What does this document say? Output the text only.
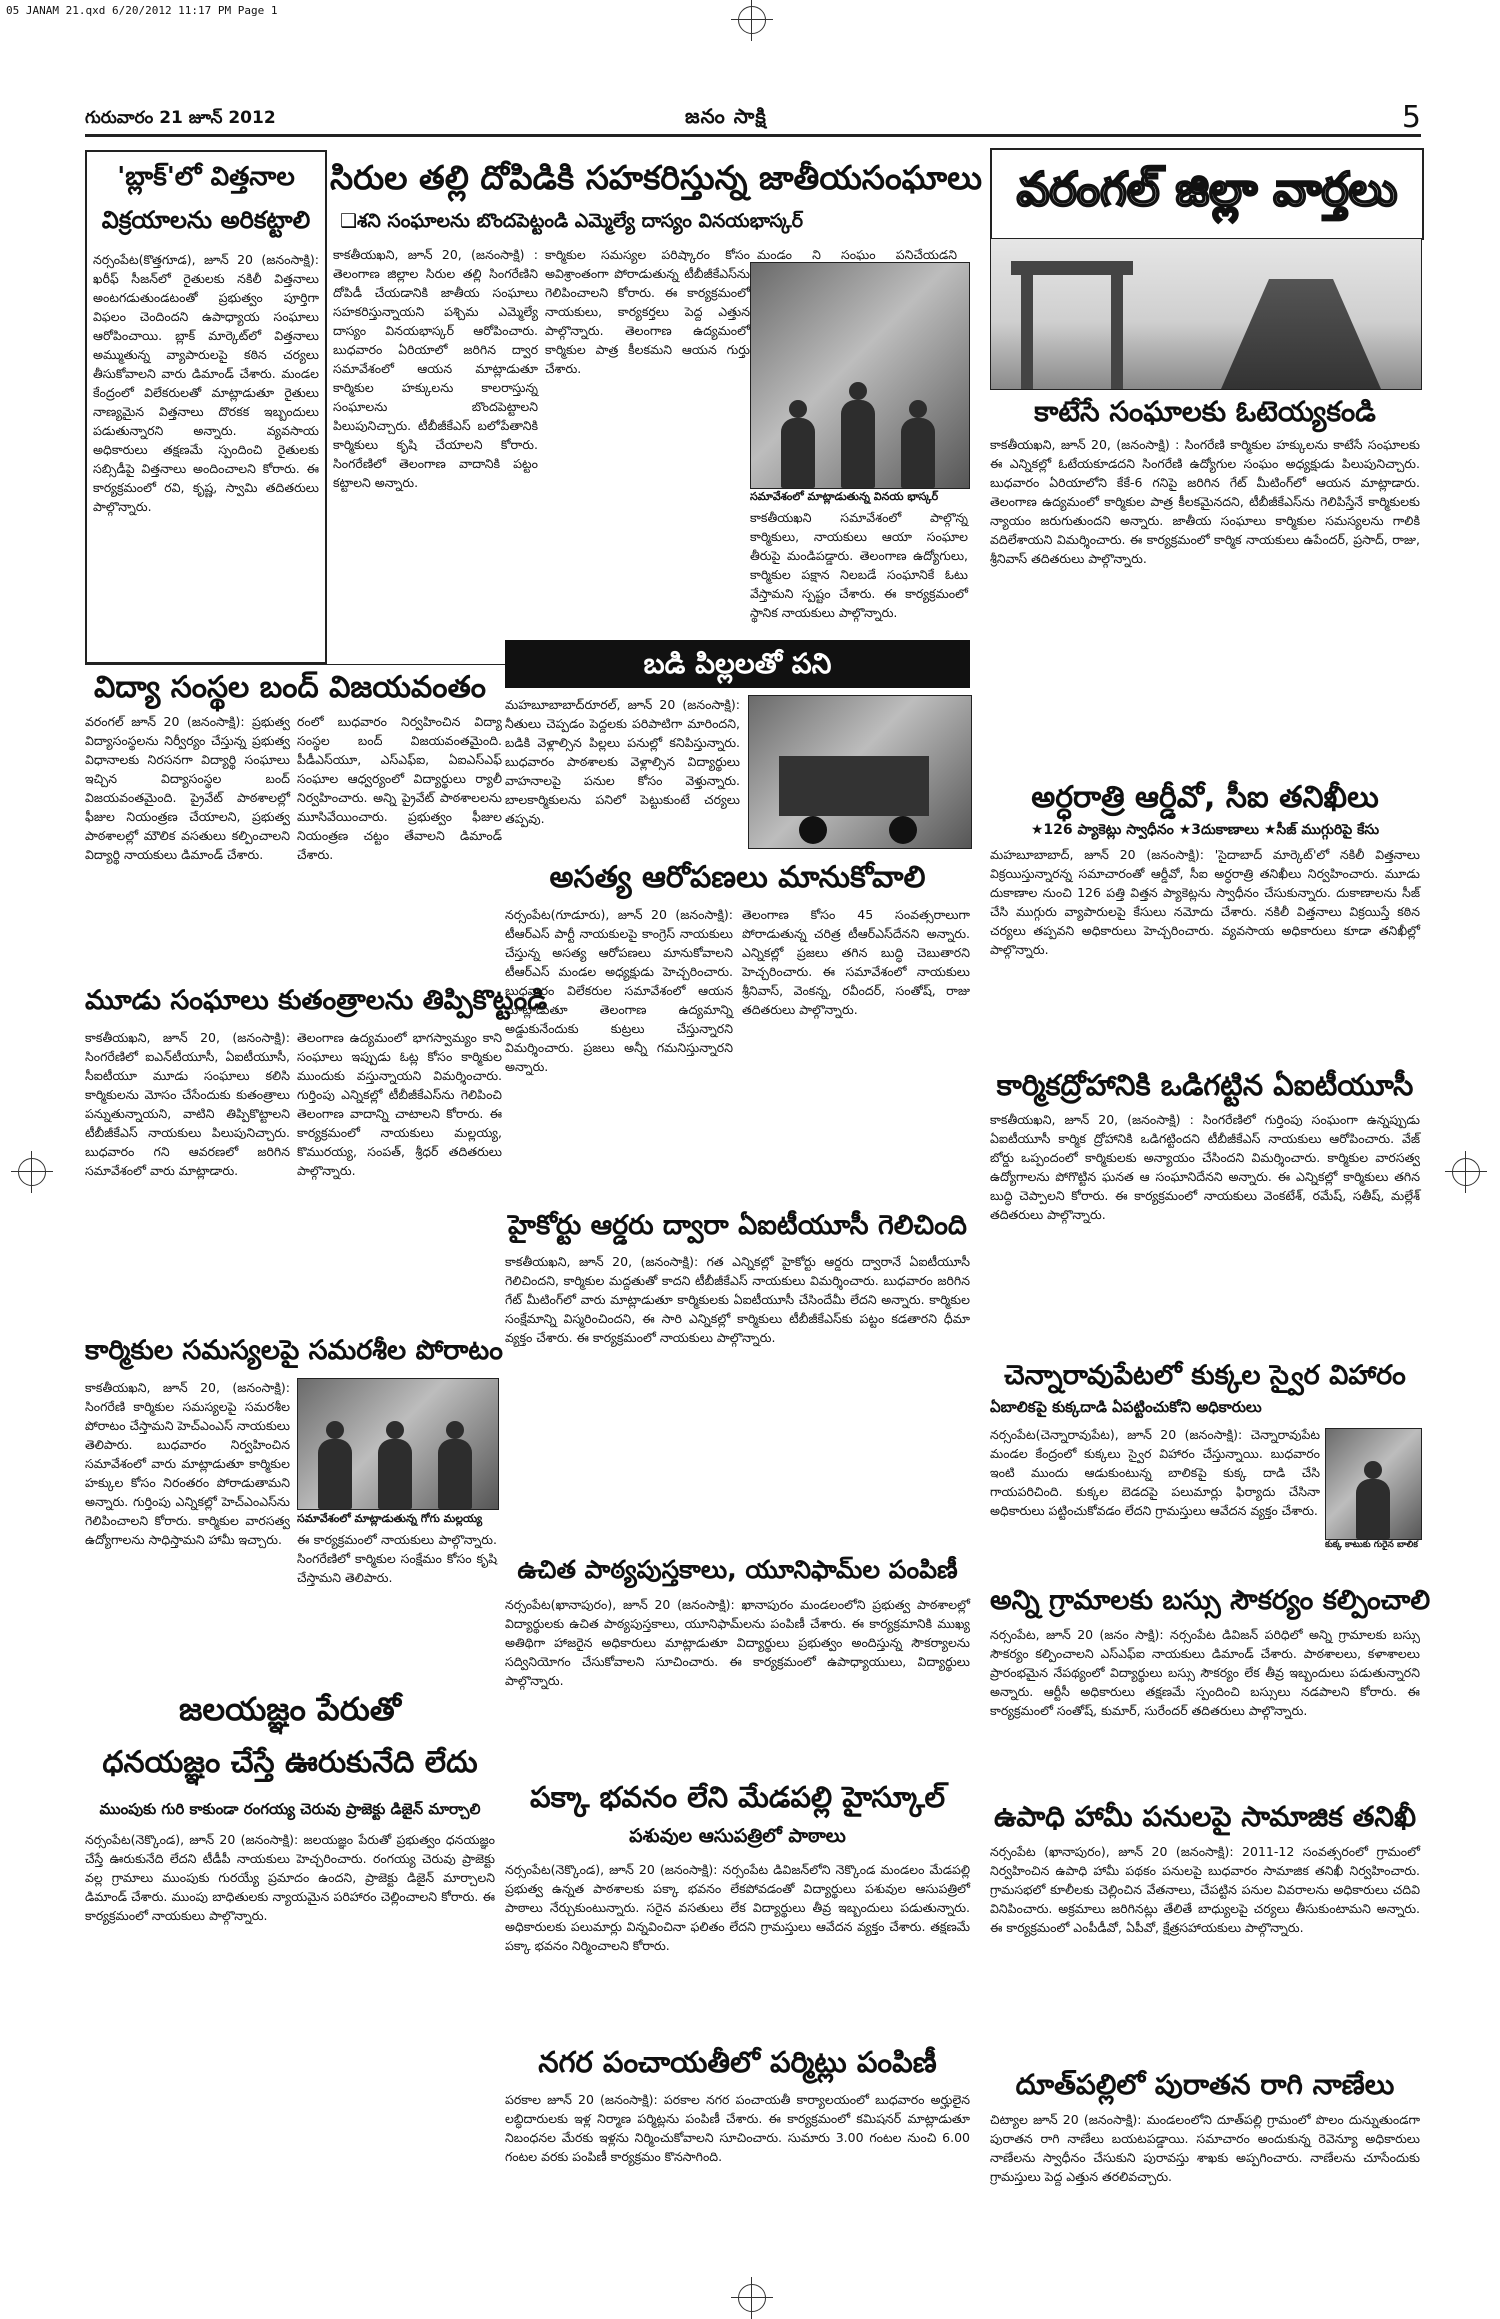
05 JANAM 21.qxd 6/20/2012 11:17 PM Page 1
గురువారం 21 జూన్ 2012	జనం సాక్షి	5
'బ్లాక్'లో విత్తనాల
విక్రయాలను అరికట్టాలి
నర్సంపేట(కొత్తగూడ), జూన్ 20 (జనంసాక్షి): ఖరీఫ్ సీజన్‌లో రైతులకు నకిలీ విత్తనాలు అంటగడుతుండటంతో ప్రభుత్వం పూర్తిగా విఫలం చెందిందని ఉపాధ్యాయ సంఘాలు ఆరోపించాయి. బ్లాక్ మార్కెట్‌లో విత్తనాలు అమ్ముతున్న వ్యాపారులపై కఠిన చర్యలు తీసుకోవాలని వారు డిమాండ్ చేశారు. మండల కేంద్రంలో విలేకరులతో మాట్లాడుతూ రైతులు నాణ్యమైన విత్తనాలు దొరకక ఇబ్బందులు పడుతున్నారని అన్నారు. వ్యవసాయ అధికారులు తక్షణమే స్పందించి రైతులకు సబ్సిడీపై విత్తనాలు అందించాలని కోరారు. ఈ కార్యక్రమంలో రవి, కృష్ణ, స్వామి తదితరులు పాల్గొన్నారు.
సిరుల తల్లి దోపిడికి సహకరిస్తున్న జాతీయసంఘాలు
❑శని సంఘాలను బొందపెట్టండి ఎమ్మెల్యే దాస్యం వినయభాస్కర్
కాకతీయఖని, జూన్ 20, (జనంసాక్షి) : తెలంగాణ జిల్లాల సిరుల తల్లి సింగరేణిని దోపిడీ చేయడానికి జాతీయ సంఘాలు సహకరిస్తున్నాయని పశ్చిమ ఎమ్మెల్యే దాస్యం వినయభాస్కర్ ఆరోపించారు. బుధవారం ఏరియాలో జరిగిన ద్వార సమావేశంలో ఆయన మాట్లాడుతూ కార్మికుల హక్కులను కాలరాస్తున్న సంఘాలను బొందపెట్టాలని పిలుపునిచ్చారు. టీబీజీకేఎస్ బలోపేతానికి కార్మికులు కృషి చేయాలని కోరారు. సింగరేణిలో తెలంగాణ వాదానికి పట్టం కట్టాలని అన్నారు.
కార్మికుల సమస్యల పరిష్కారం కోసం అవిశ్రాంతంగా పోరాడుతున్న టీబీజీకేఎస్‌ను గెలిపించాలని కోరారు. ఈ కార్యక్రమంలో నాయకులు, కార్యకర్తలు పెద్ద ఎత్తున పాల్గొన్నారు. తెలంగాణ ఉద్యమంలో కార్మికుల పాత్ర కీలకమని ఆయన గుర్తు చేశారు.
మండం ని సంఘం పనిచేయడని
సమావేశంలో మాట్లాడుతున్న వినయ భాస్కర్
కాకతీయఖని సమావేశంలో పాల్గొన్న కార్మికులు, నాయకులు ఆయా సంఘాల తీరుపై మండిపడ్డారు. తెలంగాణ ఉద్యోగులు, కార్మికుల పక్షాన నిలబడే సంఘానికే ఓటు వేస్తామని స్పష్టం చేశారు. ఈ కార్యక్రమంలో స్థానిక నాయకులు పాల్గొన్నారు.
వరంగల్ జిల్లా వార్తలు
కాటేసే సంఘాలకు ఓటెయ్యకండి
కాకతీయఖని, జూన్ 20, (జనంసాక్షి) : సింగరేణి కార్మికుల హక్కులను కాటేసే సంఘాలకు ఈ ఎన్నికల్లో ఓటేయకూడదని సింగరేణి ఉద్యోగుల సంఘం అధ్యక్షుడు పిలుపునిచ్చారు. బుధవారం ఏరియాలోని కేకే-6 గనిపై జరిగిన గేట్ మీటింగ్‌లో ఆయన మాట్లాడారు. తెలంగాణ ఉద్యమంలో కార్మికుల పాత్ర కీలకమైనదని, టీబీజీకేఎస్‌ను గెలిపిస్తేనే కార్మికులకు న్యాయం జరుగుతుందని అన్నారు. జాతీయ సంఘాలు కార్మికుల సమస్యలను గాలికి వదిలేశాయని విమర్శించారు. ఈ కార్యక్రమంలో కార్మిక నాయకులు ఉపేందర్, ప్రసాద్, రాజు, శ్రీనివాస్ తదితరులు పాల్గొన్నారు.
అర్ధరాత్రి ఆర్డీవో, సీఐ తనిఖీలు
★126 ప్యాకెట్లు స్వాధీనం ★3దుకాణాలు ★సీజ్ ముగ్గురిపై కేసు
మహబూబాబాద్, జూన్ 20 (జనంసాక్షి): 'సైదాబాద్ మార్కెట్'లో నకిలీ విత్తనాలు విక్రయిస్తున్నారన్న సమాచారంతో ఆర్డీవో, సీఐ అర్ధరాత్రి తనిఖీలు నిర్వహించారు. మూడు దుకాణాల నుంచి 126 పత్తి విత్తన ప్యాకెట్లను స్వాధీనం చేసుకున్నారు. దుకాణాలను సీజ్ చేసి ముగ్గురు వ్యాపారులపై కేసులు నమోదు చేశారు. నకిలీ విత్తనాలు విక్రయిస్తే కఠిన చర్యలు తప్పవని అధికారులు హెచ్చరించారు. వ్యవసాయ అధికారులు కూడా తనిఖీల్లో పాల్గొన్నారు.
కార్మికద్రోహానికి ఒడిగట్టిన ఏఐటీయూసీ
కాకతీయఖని, జూన్ 20, (జనంసాక్షి) : సింగరేణిలో గుర్తింపు సంఘంగా ఉన్నప్పుడు ఏఐటీయూసీ కార్మిక ద్రోహానికి ఒడిగట్టిందని టీబీజీకేఎస్ నాయకులు ఆరోపించారు. వేజ్ బోర్డు ఒప్పందంలో కార్మికులకు అన్యాయం చేసిందని విమర్శించారు. కార్మికుల వారసత్వ ఉద్యోగాలను పోగొట్టిన ఘనత ఆ సంఘానిదేనని అన్నారు. ఈ ఎన్నికల్లో కార్మికులు తగిన బుద్ధి చెప్పాలని కోరారు. ఈ కార్యక్రమంలో నాయకులు వెంకటేశ్, రమేష్, సతీష్, మల్లేశ్ తదితరులు పాల్గొన్నారు.
చెన్నారావుపేటలో కుక్కల స్వైర విహారం
ఏబాలికపై కుక్కదాడి ఏపట్టించుకోని అధికారులు
నర్సంపేట(చెన్నారావుపేట), జూన్ 20 (జనంసాక్షి): చెన్నారావుపేట మండల కేంద్రంలో కుక్కలు స్వైర విహారం చేస్తున్నాయి. బుధవారం ఇంటి ముందు ఆడుకుంటున్న బాలికపై కుక్క దాడి చేసి గాయపరిచింది. కుక్కల బెడదపై పలుమార్లు ఫిర్యాదు చేసినా అధికారులు పట్టించుకోవడం లేదని గ్రామస్తులు ఆవేదన వ్యక్తం చేశారు.
కుక్క కాటుకు గురైన బాలిక
అన్ని గ్రామాలకు బస్సు సౌకర్యం కల్పించాలి
నర్సంపేట, జూన్ 20 (జనం సాక్షి): నర్సంపేట డివిజన్ పరిధిలో అన్ని గ్రామాలకు బస్సు సౌకర్యం కల్పించాలని ఎస్ఎఫ్ఐ నాయకులు డిమాండ్ చేశారు. పాఠశాలలు, కళాశాలలు ప్రారంభమైన నేపథ్యంలో విద్యార్థులు బస్సు సౌకర్యం లేక తీవ్ర ఇబ్బందులు పడుతున్నారని అన్నారు. ఆర్టీసీ అధికారులు తక్షణమే స్పందించి బస్సులు నడపాలని కోరారు. ఈ కార్యక్రమంలో సంతోష్, కుమార్, సురేందర్ తదితరులు పాల్గొన్నారు.
ఉపాధి హామీ పనులపై సామాజిక తనిఖీ
నర్సంపేట (ఖానాపురం), జూన్ 20 (జనంసాక్షి): 2011-12 సంవత్సరంలో గ్రామంలో నిర్వహించిన ఉపాధి హామీ పథకం పనులపై బుధవారం సామాజిక తనిఖీ నిర్వహించారు. గ్రామసభలో కూలీలకు చెల్లించిన వేతనాలు, చేపట్టిన పనుల వివరాలను అధికారులు చదివి వినిపించారు. అక్రమాలు జరిగినట్లు తేలితే బాధ్యులపై చర్యలు తీసుకుంటామని అన్నారు. ఈ కార్యక్రమంలో ఎంపీడీవో, ఏపీవో, క్షేత్రసహాయకులు పాల్గొన్నారు.
దూత్‌పల్లిలో పురాతన రాగి నాణేలు
చిట్యాల జూన్ 20 (జనంసాక్షి): మండలంలోని దూత్‌పల్లి గ్రామంలో పొలం దున్నుతుండగా పురాతన రాగి నాణేలు బయటపడ్డాయి. సమాచారం అందుకున్న రెవెన్యూ అధికారులు నాణేలను స్వాధీనం చేసుకుని పురావస్తు శాఖకు అప్పగించారు. నాణేలను చూసేందుకు గ్రామస్తులు పెద్ద ఎత్తున తరలివచ్చారు.
విద్యా సంస్థల బంద్ విజయవంతం
వరంగల్ జూన్ 20 (జనంసాక్షి): ప్రభుత్వ విద్యాసంస్థలను నిర్వీర్యం చేస్తున్న ప్రభుత్వ విధానాలకు నిరసనగా విద్యార్థి సంఘాలు ఇచ్చిన విద్యాసంస్థల బంద్ విజయవంతమైంది. ప్రైవేట్ పాఠశాలల్లో ఫీజుల నియంత్రణ చేయాలని, ప్రభుత్వ పాఠశాలల్లో మౌలిక వసతులు కల్పించాలని విద్యార్థి నాయకులు డిమాండ్ చేశారు.
రంలో బుధవారం నిర్వహించిన విద్యా సంస్థల బంద్ విజయవంతమైంది. పీడీఎస్‌యూ, ఎస్ఎఫ్ఐ, ఏఐఎస్ఎఫ్ సంఘాల ఆధ్వర్యంలో విద్యార్థులు ర్యాలీ నిర్వహించారు. అన్ని ప్రైవేట్ పాఠశాలలను మూసివేయించారు. ప్రభుత్వం ఫీజుల నియంత్రణ చట్టం తేవాలని డిమాండ్ చేశారు.
బడి పిల్లలతో పని
మహబూబాబాద్‌రూరల్, జూన్ 20 (జనంసాక్షి): నీతులు చెప్పడం పెద్దలకు పరిపాటిగా మారిందని, బడికి వెళ్లాల్సిన పిల్లలు పనుల్లో కనిపిస్తున్నారు. బుధవారం పాఠశాలకు వెళ్లాల్సిన విద్యార్థులు వాహనాలపై పనుల కోసం వెళ్తున్నారు. బాలకార్మికులను పనిలో పెట్టుకుంటే చర్యలు తప్పవు.
అసత్య ఆరోపణలు మానుకోవాలి
నర్సంపేట(గూడూరు), జూన్ 20 (జనంసాక్షి): టీఆర్ఎస్ పార్టీ నాయకులపై కాంగ్రెస్ నాయకులు చేస్తున్న అసత్య ఆరోపణలు మానుకోవాలని టీఆర్ఎస్ మండల అధ్యక్షుడు హెచ్చరించారు. బుధవారం విలేకరుల సమావేశంలో ఆయన మాట్లాడుతూ తెలంగాణ ఉద్యమాన్ని అడ్డుకునేందుకు కుట్రలు చేస్తున్నారని విమర్శించారు. ప్రజలు అన్నీ గమనిస్తున్నారని అన్నారు.
తెలంగాణ కోసం 45 సంవత్సరాలుగా పోరాడుతున్న చరిత్ర టీఆర్ఎస్‌దేనని అన్నారు. ఎన్నికల్లో ప్రజలు తగిన బుద్ధి చెబుతారని హెచ్చరించారు. ఈ సమావేశంలో నాయకులు శ్రీనివాస్, వెంకన్న, రవీందర్, సంతోష్, రాజు తదితరులు పాల్గొన్నారు.
మూడు సంఘాలు కుతంత్రాలను తిప్పికొట్టండి
కాకతీయఖని, జూన్ 20, (జనంసాక్షి): సింగరేణిలో ఐఎన్‌టీయూసీ, ఏఐటీయూసీ, సీఐటీయూ మూడు సంఘాలు కలిసి కార్మికులను మోసం చేసేందుకు కుతంత్రాలు పన్నుతున్నాయని, వాటిని తిప్పికొట్టాలని టీబీజీకేఎస్ నాయకులు పిలుపునిచ్చారు. బుధవారం గని ఆవరణలో జరిగిన సమావేశంలో వారు మాట్లాడారు.
తెలంగాణ ఉద్యమంలో భాగస్వామ్యం కాని సంఘాలు ఇప్పుడు ఓట్ల కోసం కార్మికుల ముందుకు వస్తున్నాయని విమర్శించారు. గుర్తింపు ఎన్నికల్లో టీబీజీకేఎస్‌ను గెలిపించి తెలంగాణ వాదాన్ని చాటాలని కోరారు. ఈ కార్యక్రమంలో నాయకులు మల్లయ్య, కొమురయ్య, సంపత్, శ్రీధర్ తదితరులు పాల్గొన్నారు.
హైకోర్టు ఆర్డరు ద్వారా ఏఐటీయూసీ గెలిచింది
కాకతీయఖని, జూన్ 20, (జనంసాక్షి): గత ఎన్నికల్లో హైకోర్టు ఆర్డరు ద్వారానే ఏఐటీయూసీ గెలిచిందని, కార్మికుల మద్దతుతో కాదని టీబీజీకేఎస్ నాయకులు విమర్శించారు. బుధవారం జరిగిన గేట్ మీటింగ్‌లో వారు మాట్లాడుతూ కార్మికులకు ఏఐటీయూసీ చేసిందేమీ లేదని అన్నారు. కార్మికుల సంక్షేమాన్ని విస్మరించిందని, ఈ సారి ఎన్నికల్లో కార్మికులు టీబీజీకేఎస్‌కు పట్టం కడతారని ధీమా వ్యక్తం చేశారు. ఈ కార్యక్రమంలో నాయకులు పాల్గొన్నారు.
కార్మికుల సమస్యలపై సమరశీల పోరాటం
కాకతీయఖని, జూన్ 20, (జనంసాక్షి): సింగరేణి కార్మికుల సమస్యలపై సమరశీల పోరాటం చేస్తామని హెచ్ఎంఎస్ నాయకులు తెలిపారు. బుధవారం నిర్వహించిన సమావేశంలో వారు మాట్లాడుతూ కార్మికుల హక్కుల కోసం నిరంతరం పోరాడుతామని అన్నారు. గుర్తింపు ఎన్నికల్లో హెచ్ఎంఎస్‌ను గెలిపించాలని కోరారు. కార్మికుల వారసత్వ ఉద్యోగాలను సాధిస్తామని హామీ ఇచ్చారు.
సమావేశంలో మాట్లాడుతున్న గోగు మల్లయ్య
ఈ కార్యక్రమంలో నాయకులు పాల్గొన్నారు. సింగరేణిలో కార్మికుల సంక్షేమం కోసం కృషి చేస్తామని తెలిపారు.	ఉచిత పాఠ్యపుస్తకాలు, యూనిఫామ్‌ల పంపిణీ
నర్సంపేట(ఖానాపురం), జూన్ 20 (జనంసాక్షి): ఖానాపురం మండలంలోని ప్రభుత్వ పాఠశాలల్లో విద్యార్థులకు ఉచిత పాఠ్యపుస్తకాలు, యూనిఫామ్‌లను పంపిణీ చేశారు. ఈ కార్యక్రమానికి ముఖ్య అతిథిగా హాజరైన అధికారులు మాట్లాడుతూ విద్యార్థులు ప్రభుత్వం అందిస్తున్న సౌకర్యాలను సద్వినియోగం చేసుకోవాలని సూచించారు. ఈ కార్యక్రమంలో ఉపాధ్యాయులు, విద్యార్థులు పాల్గొన్నారు.
జలయజ్ఞం పేరుతో
ధనయజ్ఞం చేస్తే ఊరుకునేది లేదు
ముంపుకు గురి కాకుండా రంగయ్య చెరువు ప్రాజెక్టు డిజైన్ మార్చాలి
నర్సంపేట(నెక్కొండ), జూన్ 20 (జనంసాక్షి): జలయజ్ఞం పేరుతో ప్రభుత్వం ధనయజ్ఞం చేస్తే ఊరుకునేది లేదని టీడీపీ నాయకులు హెచ్చరించారు. రంగయ్య చెరువు ప్రాజెక్టు వల్ల గ్రామాలు ముంపుకు గురయ్యే ప్రమాదం ఉందని, ప్రాజెక్టు డిజైన్ మార్చాలని డిమాండ్ చేశారు. ముంపు బాధితులకు న్యాయమైన పరిహారం చెల్లించాలని కోరారు. ఈ కార్యక్రమంలో నాయకులు పాల్గొన్నారు.
పక్కా భవనం లేని మేడపల్లి హైస్కూల్
పశువుల ఆసుపత్రిలో పాఠాలు
నర్సంపేట(నెక్కొండ), జూన్ 20 (జనంసాక్షి): నర్సంపేట డివిజన్‌లోని నెక్కొండ మండలం మేడపల్లి ప్రభుత్వ ఉన్నత పాఠశాలకు పక్కా భవనం లేకపోవడంతో విద్యార్థులు పశువుల ఆసుపత్రిలో పాఠాలు నేర్చుకుంటున్నారు. సరైన వసతులు లేక విద్యార్థులు తీవ్ర ఇబ్బందులు పడుతున్నారు. అధికారులకు పలుమార్లు విన్నవించినా ఫలితం లేదని గ్రామస్తులు ఆవేదన వ్యక్తం చేశారు. తక్షణమే పక్కా భవనం నిర్మించాలని కోరారు.
నగర పంచాయతీలో పర్మిట్లు పంపిణీ
పరకాల జూన్ 20 (జనంసాక్షి): పరకాల నగర పంచాయతీ కార్యాలయంలో బుధవారం అర్హులైన లబ్ధిదారులకు ఇళ్ల నిర్మాణ పర్మిట్లను పంపిణీ చేశారు. ఈ కార్యక్రమంలో కమిషనర్ మాట్లాడుతూ నిబంధనల మేరకు ఇళ్లను నిర్మించుకోవాలని సూచించారు. సుమారు 3.00 గంటల నుంచి 6.00 గంటల వరకు పంపిణీ కార్యక్రమం కొనసాగింది.
